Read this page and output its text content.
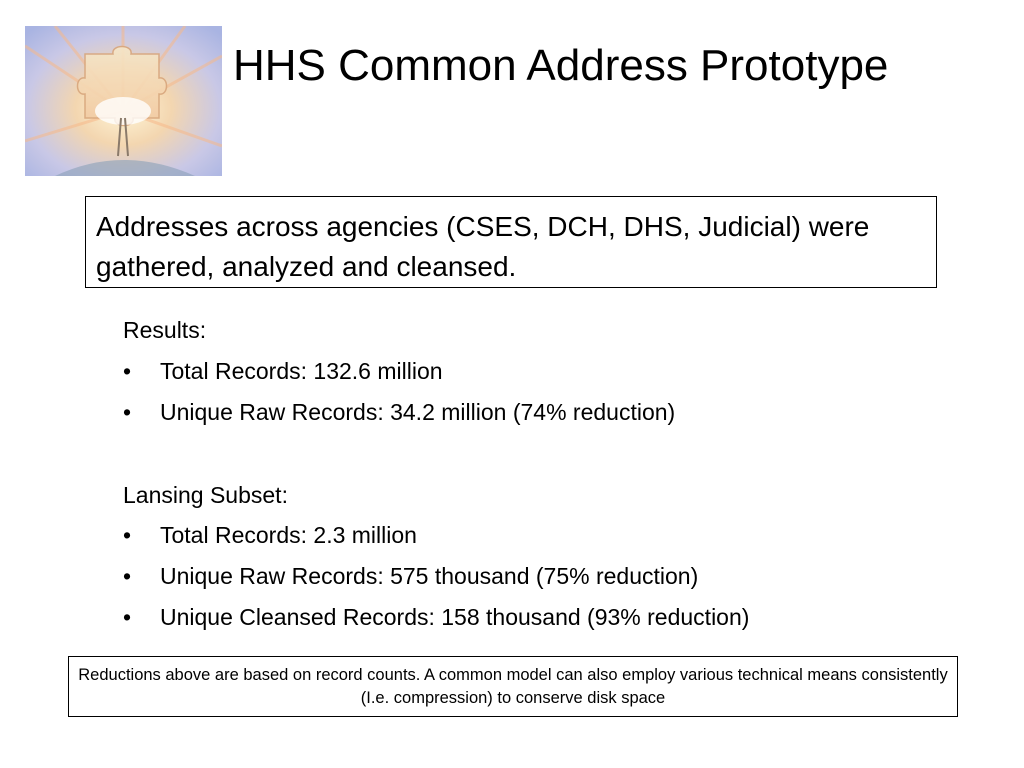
HHS Common Address Prototype
Addresses across agencies (CSES, DCH, DHS, Judicial) were gathered, analyzed and cleansed.
Results:
• Total Records: 132.6 million
• Unique Raw Records: 34.2 million (74% reduction)
Lansing Subset:
• Total Records: 2.3 million
• Unique Raw Records: 575 thousand (75% reduction)
• Unique Cleansed Records: 158 thousand (93% reduction)
Reductions above are based on record counts. A common model can also employ various technical means consistently (I.e. compression) to conserve disk space
